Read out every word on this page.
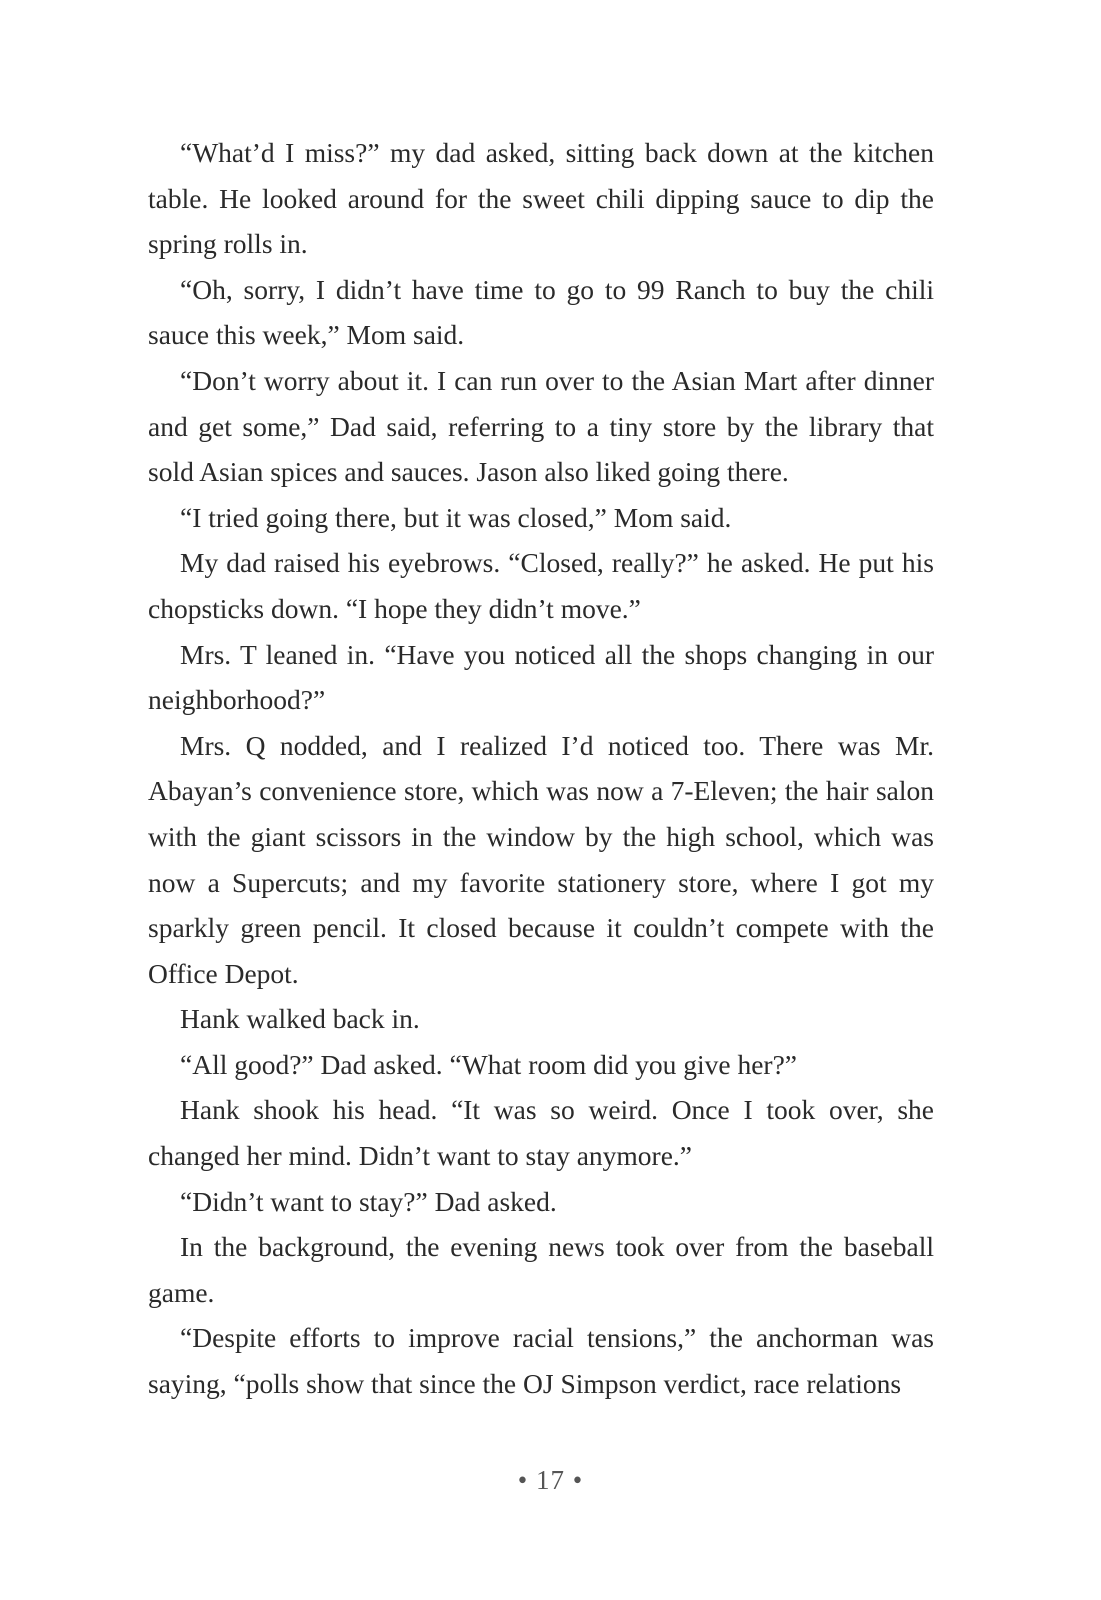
“What’d I miss?” my dad asked, sitting back down at the kitchen table. He looked around for the sweet chili dipping sauce to dip the spring rolls in.

“Oh, sorry, I didn’t have time to go to 99 Ranch to buy the chili sauce this week,” Mom said.

“Don’t worry about it. I can run over to the Asian Mart after dinner and get some,” Dad said, referring to a tiny store by the library that sold Asian spices and sauces. Jason also liked going there.

“I tried going there, but it was closed,” Mom said.

My dad raised his eyebrows. “Closed, really?” he asked. He put his chopsticks down. “I hope they didn’t move.”

Mrs. T leaned in. “Have you noticed all the shops changing in our neighborhood?”

Mrs. Q nodded, and I realized I’d noticed too. There was Mr. Abayan’s convenience store, which was now a 7-Eleven; the hair salon with the giant scissors in the window by the high school, which was now a Supercuts; and my favorite stationery store, where I got my sparkly green pencil. It closed because it couldn’t compete with the Office Depot.

Hank walked back in.

“All good?” Dad asked. “What room did you give her?”

Hank shook his head. “It was so weird. Once I took over, she changed her mind. Didn’t want to stay anymore.”

“Didn’t want to stay?” Dad asked.

In the background, the evening news took over from the baseball game.

“Despite efforts to improve racial tensions,” the anchorman was saying, “polls show that since the OJ Simpson verdict, race relations

• 17 •
